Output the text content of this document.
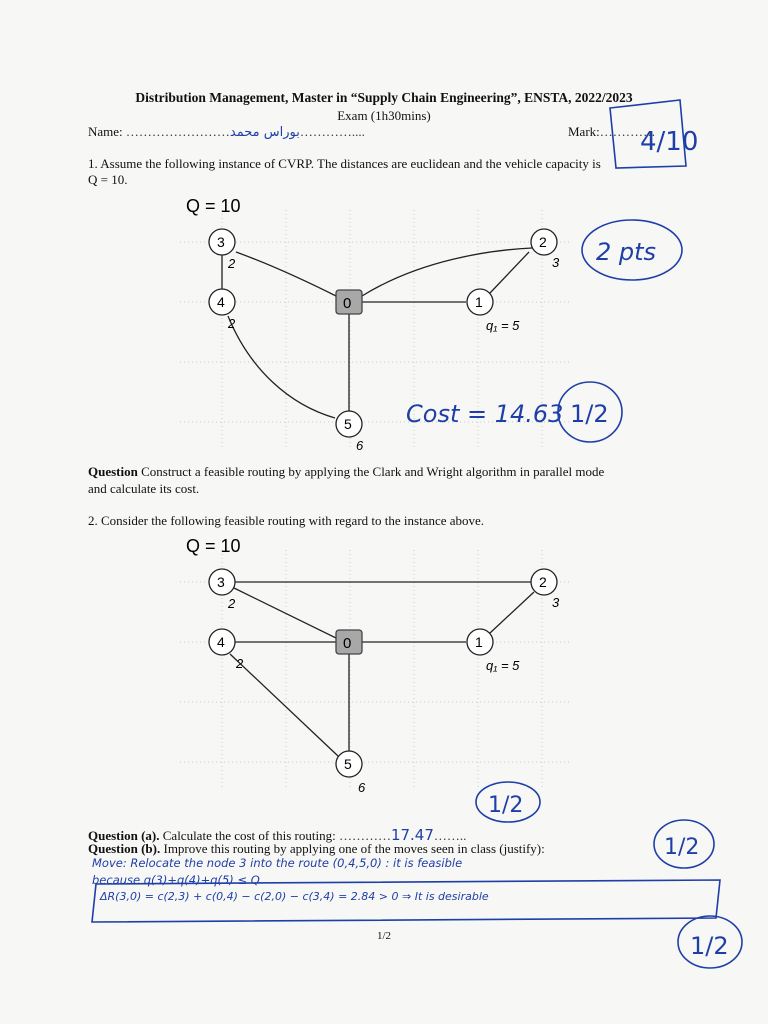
Distribution Management, Master in “Supply Chain Engineering”, ENSTA, 2022/2023
Exam (1h30mins)
Name: ……………………بوراس محمد…………....	Mark:………….
4/10
1. Assume the following instance of CVRP. The distances are euclidean and the vehicle capacity is
Q = 10.
Q = 10
0	1
2
3
4
5
q₁ = 5
3
2
2
6
2 pts
Cost = 14.63 1/2
Question Construct a feasible routing by applying the Clark and Wright algorithm in parallel mode
and calculate its cost.
2. Consider the following feasible routing with regard to the instance above.
Q = 10
0	1
2
3
4
5
q₁ = 5
3
2
2
6
1/2
Question (a). Calculate the cost of this routing: …………17.47……..
Question (b). Improve this routing by applying one of the moves seen in class (justify):	1/2
Move: Relocate the node 3 into the route (0,4,5,0) : it is feasible
because q(3)+q(4)+q(5) ≤ Q
ΔR(3,0) = c(2,3) + c(0,4) − c(2,0) − c(3,4) = 2.84 > 0 ⇒ It is desirable
1/2
1/2
